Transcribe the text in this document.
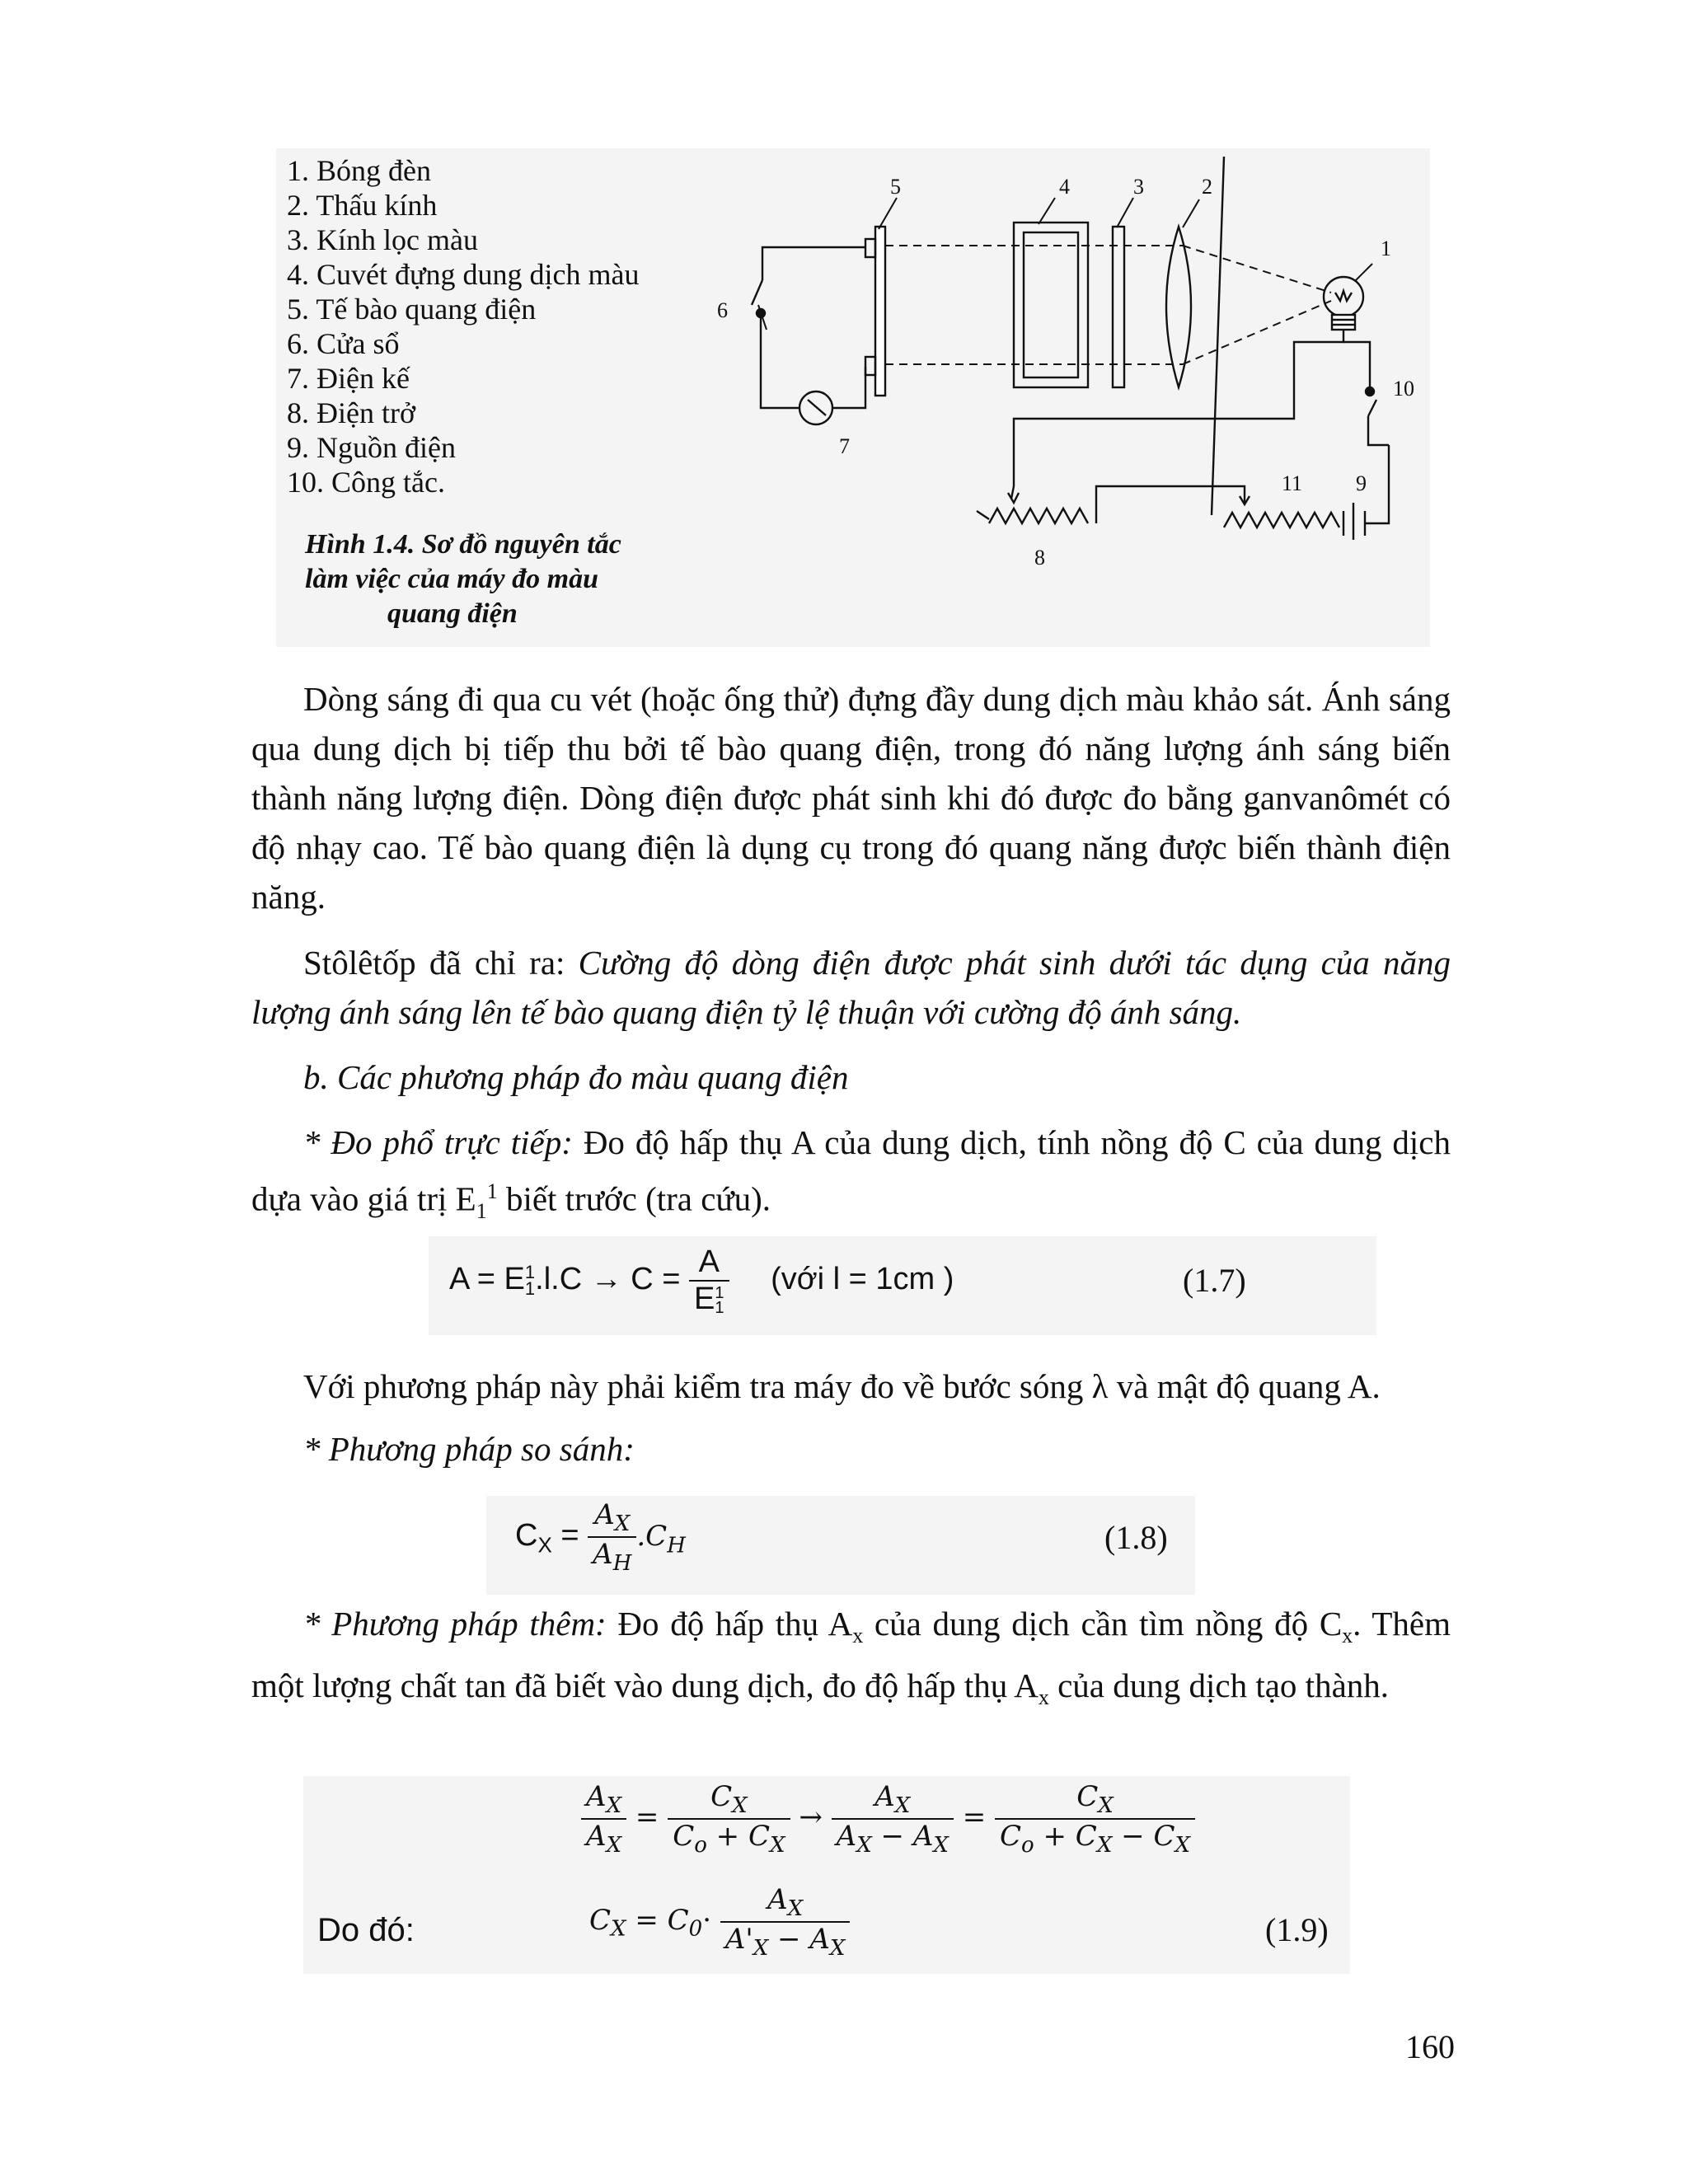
1. Bóng đèn
2. Thấu kính
3. Kính lọc màu
4. Cuvét đựng dung dịch màu
5. Tế bào quang điện
6. Cửa sổ
7. Điện kế
8. Điện trở
9. Nguồn điện
10. Công tắc.
Hình 1.4. Sơ đồ nguyên tắc
làm việc của máy đo màu
quang điện
5	4	3	2
1
6
7
10
11 9
8
Dòng sáng đi qua cu vét (hoặc ống thử) đựng đầy dung dịch màu khảo sát. Ánh sáng qua dung dịch bị tiếp thu bởi tế bào quang điện, trong đó năng lượng ánh sáng biến thành năng lượng điện. Dòng điện được phát sinh khi đó được đo bằng ganvanômét có độ nhạy cao. Tế bào quang điện là dụng cụ trong đó quang năng được biến thành điện năng.
Stôlêtốp đã chỉ ra: Cường độ dòng điện được phát sinh dưới tác dụng của năng lượng ánh sáng lên tế bào quang điện tỷ lệ thuận với cường độ ánh sáng.
b. Các phương pháp đo màu quang điện
* Đo phổ trực tiếp: Đo độ hấp thụ A của dung dịch, tính nồng độ C của dung dịch dựa vào giá trị $E_1^1$ biết trước (tra cứu).
A = E 1
1 .l.C → C = A
E 1
1 (với l = 1cm )	(1.7)
Với phương pháp này phải kiểm tra máy đo về bước sóng λ và mật độ quang A.
* Phương pháp so sánh:
$C_X = \frac{A_X}{A_H} .C_H$	(1.8)
* Phương pháp thêm: Đo độ hấp thụ $A_x$ của dung dịch cần tìm nồng độ $C_x$. Thêm một lượng chất tan đã biết vào dung dịch, đo độ hấp thụ $A_x$ của dung dịch tạo thành.
$\frac{A_X}{A_X} = \frac{C_X}{C_o + C_X} \to \frac{A_X}{A_X - A_X} = \frac{C_X}{C_o + C_X - C_X}$
Do đó:	$C_X = C_0\cdot \frac{A_X}{A'_X - A_X}$	(1.9)
160
